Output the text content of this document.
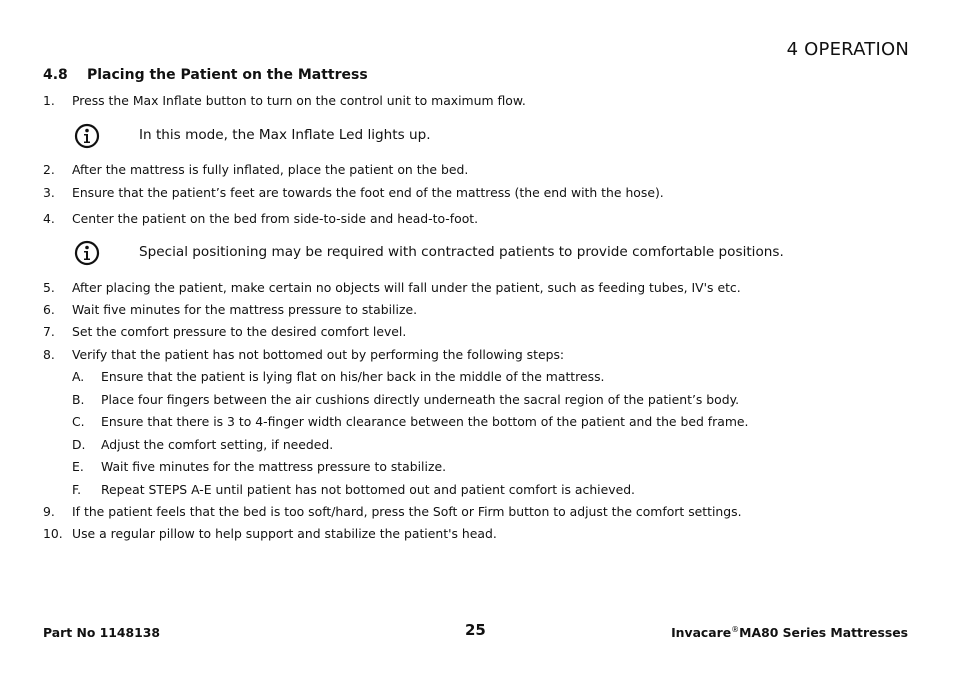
4 OPERATION
4.8 Placing the Patient on the Mattress
1. Press the Max Inflate button to turn on the control unit to maximum flow.
In this mode, the Max Inflate Led lights up.
2. After the mattress is fully inflated, place the patient on the bed.
3. Ensure that the patient’s feet are towards the foot end of the mattress (the end with the hose).
4. Center the patient on the bed from side-to-side and head-to-foot.
Special positioning may be required with contracted patients to provide comfortable positions.
5. After placing the patient, make certain no objects will fall under the patient, such as feeding tubes, IV's etc.
6. Wait five minutes for the mattress pressure to stabilize.
7. Set the comfort pressure to the desired comfort level.
8. Verify that the patient has not bottomed out by performing the following steps:
A. Ensure that the patient is lying flat on his/her back in the middle of the mattress.
B. Place four fingers between the air cushions directly underneath the sacral region of the patient’s body.
C. Ensure that there is 3 to 4-finger width clearance between the bottom of the patient and the bed frame.
D. Adjust the comfort setting, if needed.
E. Wait five minutes for the mattress pressure to stabilize.
F. Repeat STEPS A-E until patient has not bottomed out and patient comfort is achieved.
9. If the patient feels that the bed is too soft/hard, press the Soft or Firm button to adjust the comfort settings.
10. Use a regular pillow to help support and stabilize the patient's head.
Part No 1148138	25	Invacare®MA80 Series Mattresses
